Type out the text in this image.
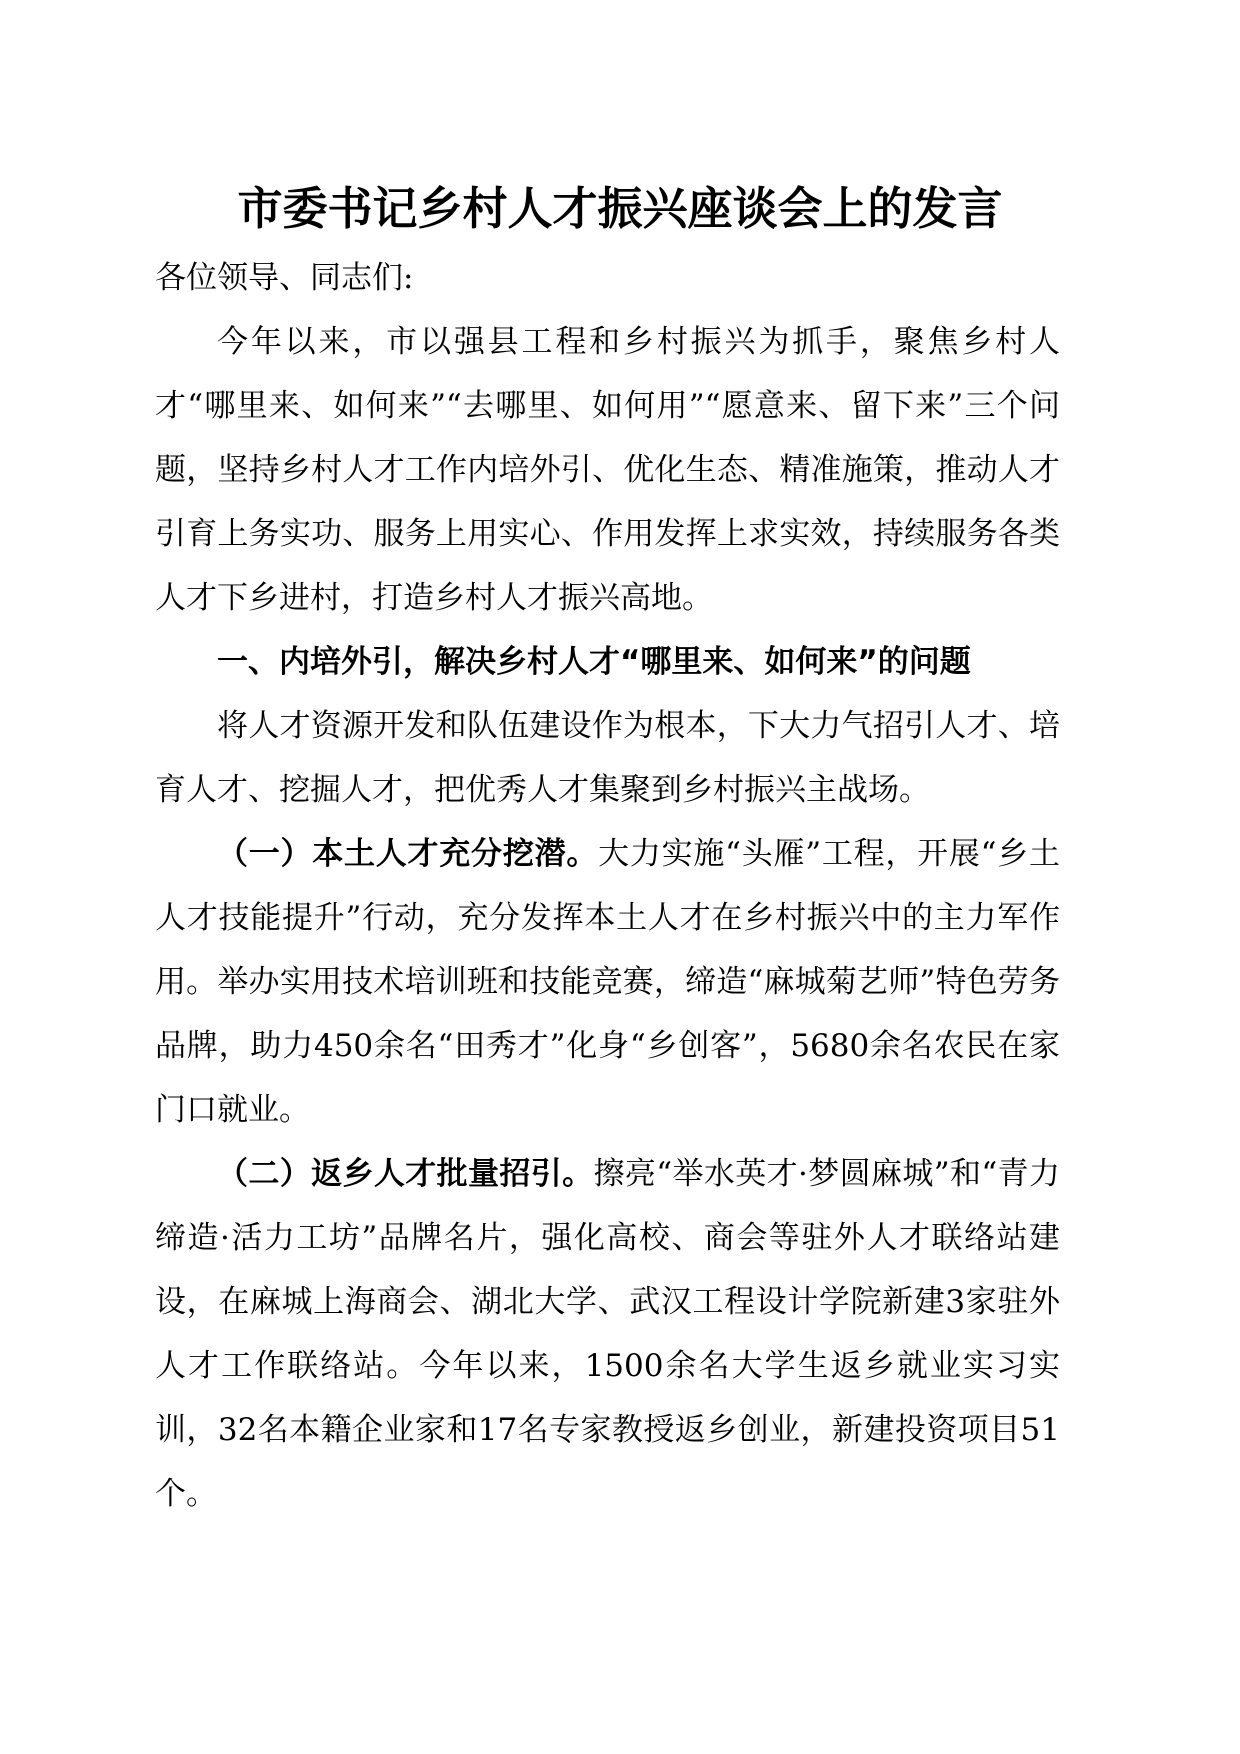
市委书记乡村人才振兴座谈会上的发言

各位领导、同志们:

今年以来，市以强县工程和乡村振兴为抓手，聚焦乡村人才“哪里来、如何来”“去哪里、如何用”“愿意来、留下来”三个问题，坚持乡村人才工作内培外引、优化生态、精准施策，推动人才引育上务实功、服务上用实心、作用发挥上求实效，持续服务各类人才下乡进村，打造乡村人才振兴高地。

一、内培外引，解决乡村人才“哪里来、如何来”的问题

将人才资源开发和队伍建设作为根本，下大力气招引人才、培育人才、挖掘人才，把优秀人才集聚到乡村振兴主战场。

（一）本土人才充分挖潜。大力实施“头雁”工程，开展“乡土人才技能提升”行动，充分发挥本土人才在乡村振兴中的主力军作用。举办实用技术培训班和技能竞赛，缔造“麻城菊艺师”特色劳务品牌，助力450余名“田秀才”化身“乡创客”，5680余名农民在家门口就业。

（二）返乡人才批量招引。擦亮“举水英才·梦圆麻城”和“青力缔造·活力工坊”品牌名片，强化高校、商会等驻外人才联络站建设，在麻城上海商会、湖北大学、武汉工程设计学院新建3家驻外人才工作联络站。今年以来，1500余名大学生返乡就业实习实训，32名本籍企业家和17名专家教授返乡创业，新建投资项目51个。
